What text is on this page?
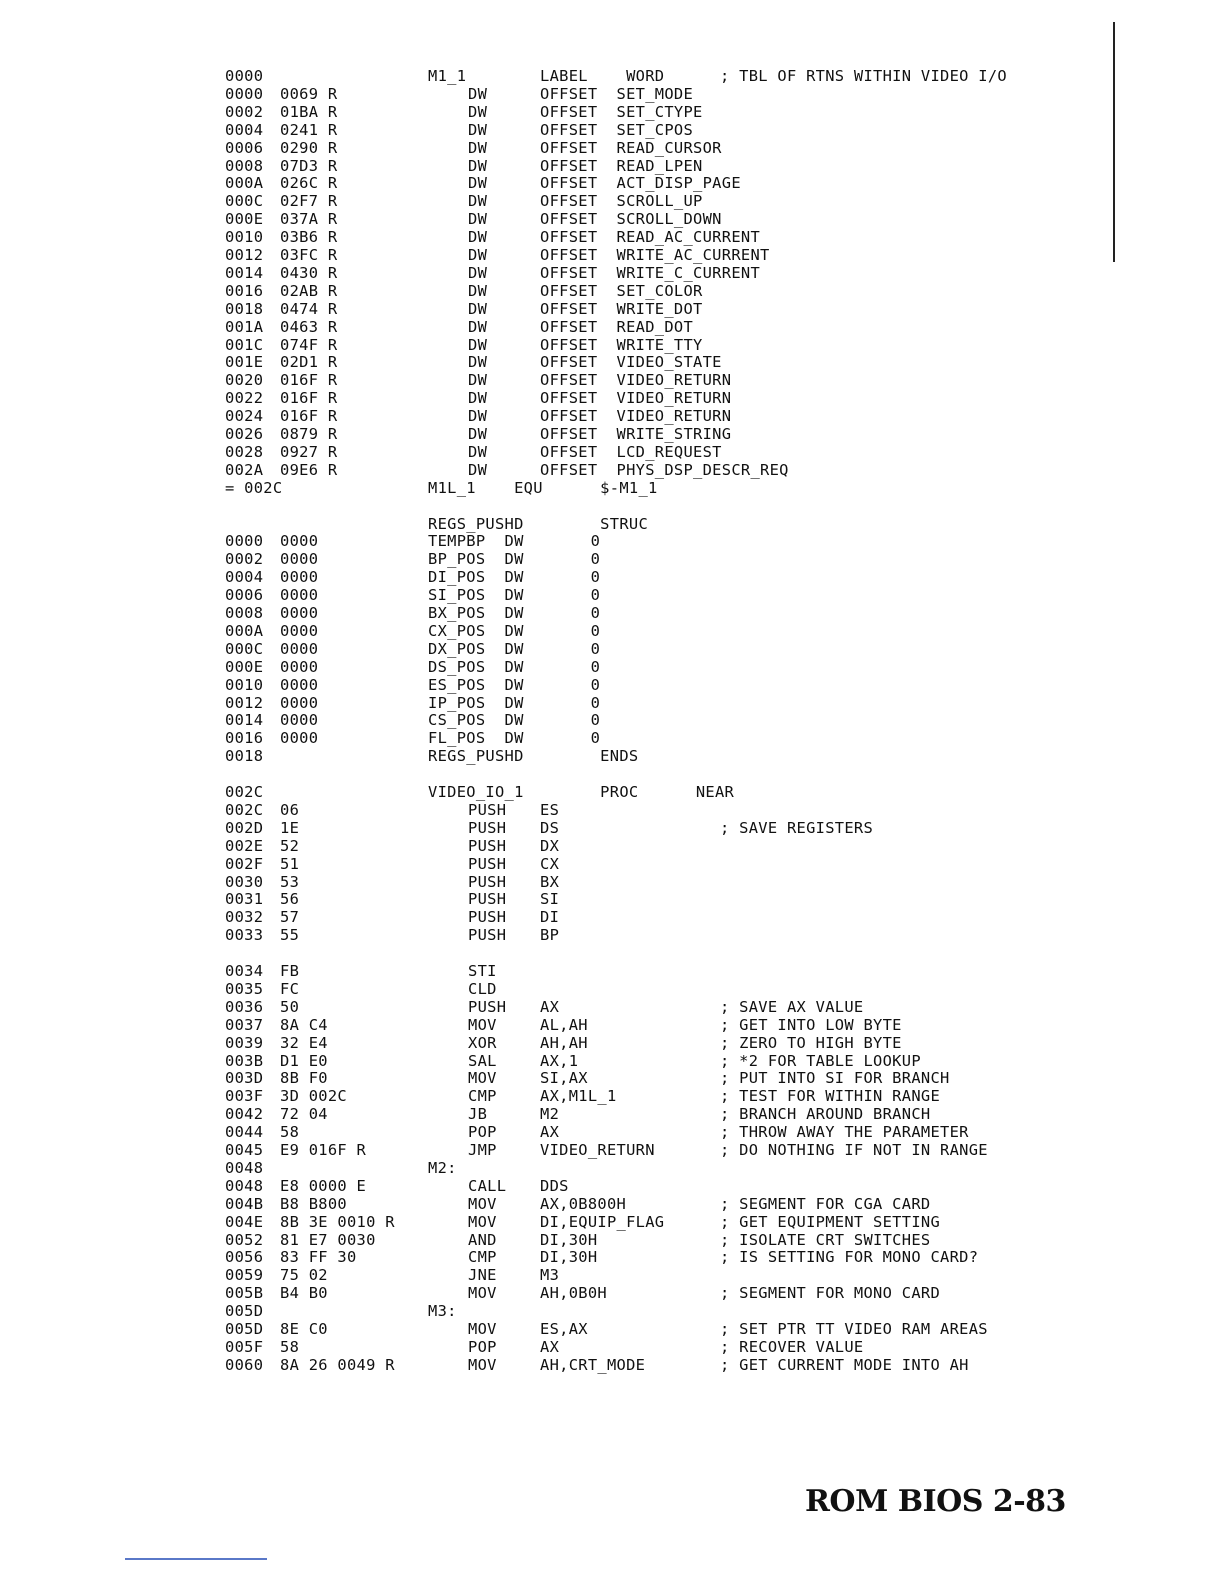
0000	M1_1	LABEL    WORD	; TBL OF RTNS WITHIN VIDEO I/O
0000 0069 R	DW	OFFSET  SET_MODE
0002 01BA R	DW	OFFSET  SET_CTYPE
0004 0241 R	DW	OFFSET  SET_CPOS
0006 0290 R	DW	OFFSET  READ_CURSOR
0008 07D3 R	DW	OFFSET  READ_LPEN
000A 026C R	DW	OFFSET  ACT_DISP_PAGE
000C 02F7 R	DW	OFFSET  SCROLL_UP
000E 037A R	DW	OFFSET  SCROLL_DOWN
0010 03B6 R	DW	OFFSET  READ_AC_CURRENT
0012 03FC R	DW	OFFSET  WRITE_AC_CURRENT
0014 0430 R	DW	OFFSET  WRITE_C_CURRENT
0016 02AB R	DW	OFFSET  SET_COLOR
0018 0474 R	DW	OFFSET  WRITE_DOT
001A 0463 R	DW	OFFSET  READ_DOT
001C 074F R	DW	OFFSET  WRITE_TTY
001E 02D1 R	DW	OFFSET  VIDEO_STATE
0020 016F R	DW	OFFSET  VIDEO_RETURN
0022 016F R	DW	OFFSET  VIDEO_RETURN
0024 016F R	DW	OFFSET  VIDEO_RETURN
0026 0879 R	DW	OFFSET  WRITE_STRING
0028 0927 R	DW	OFFSET  LCD_REQUEST
002A 09E6 R	DW	OFFSET  PHYS_DSP_DESCR_REQ
= 002C	M1L_1    EQU      $-M1_1
REGS_PUSHD        STRUC
0000 0000	TEMPBP  DW       0
0002 0000	BP_POS  DW       0
0004 0000	DI_POS  DW       0
0006 0000	SI_POS  DW       0
0008 0000	BX_POS  DW       0
000A 0000	CX_POS  DW       0
000C 0000	DX_POS  DW       0
000E 0000	DS_POS  DW       0
0010 0000	ES_POS  DW       0
0012 0000	IP_POS  DW       0
0014 0000	CS_POS  DW       0
0016 0000	FL_POS  DW       0
0018	REGS_PUSHD        ENDS
002C	VIDEO_IO_1        PROC      NEAR
002C 06	PUSH ES
002D 1E	PUSH DS	; SAVE REGISTERS
002E 52	PUSH DX
002F 51	PUSH CX
0030 53	PUSH BX
0031 56	PUSH SI
0032 57	PUSH DI
0033 55	PUSH BP
0034 FB	STI
0035 FC	CLD
0036 50	PUSH AX	; SAVE AX VALUE
0037 8A C4	MOV	AL,AH	; GET INTO LOW BYTE
0039 32 E4	XOR	AH,AH	; ZERO TO HIGH BYTE
003B D1 E0	SAL	AX,1	; *2 FOR TABLE LOOKUP
003D 8B F0	MOV	SI,AX	; PUT INTO SI FOR BRANCH
003F 3D 002C	CMP	AX,M1L_1	; TEST FOR WITHIN RANGE
0042 72 04	JB	M2	; BRANCH AROUND BRANCH
0044 58	POP	AX	; THROW AWAY THE PARAMETER
0045 E9 016F R	JMP	VIDEO_RETURN	; DO NOTHING IF NOT IN RANGE
0048	M2:
0048 E8 0000 E	CALL DDS
004B B8 B800	MOV	AX,0B800H	; SEGMENT FOR CGA CARD
004E 8B 3E 0010 R	MOV	DI,EQUIP_FLAG	; GET EQUIPMENT SETTING
0052 81 E7 0030	AND	DI,30H	; ISOLATE CRT SWITCHES
0056 83 FF 30	CMP	DI,30H	; IS SETTING FOR MONO CARD?
0059 75 02	JNE	M3
005B B4 B0	MOV	AH,0B0H	; SEGMENT FOR MONO CARD
005D	M3:
005D 8E C0	MOV	ES,AX	; SET PTR TT VIDEO RAM AREAS
005F 58	POP	AX	; RECOVER VALUE
0060 8A 26 0049 R	MOV	AH,CRT_MODE	; GET CURRENT MODE INTO AH
ROM BIOS 2-83
